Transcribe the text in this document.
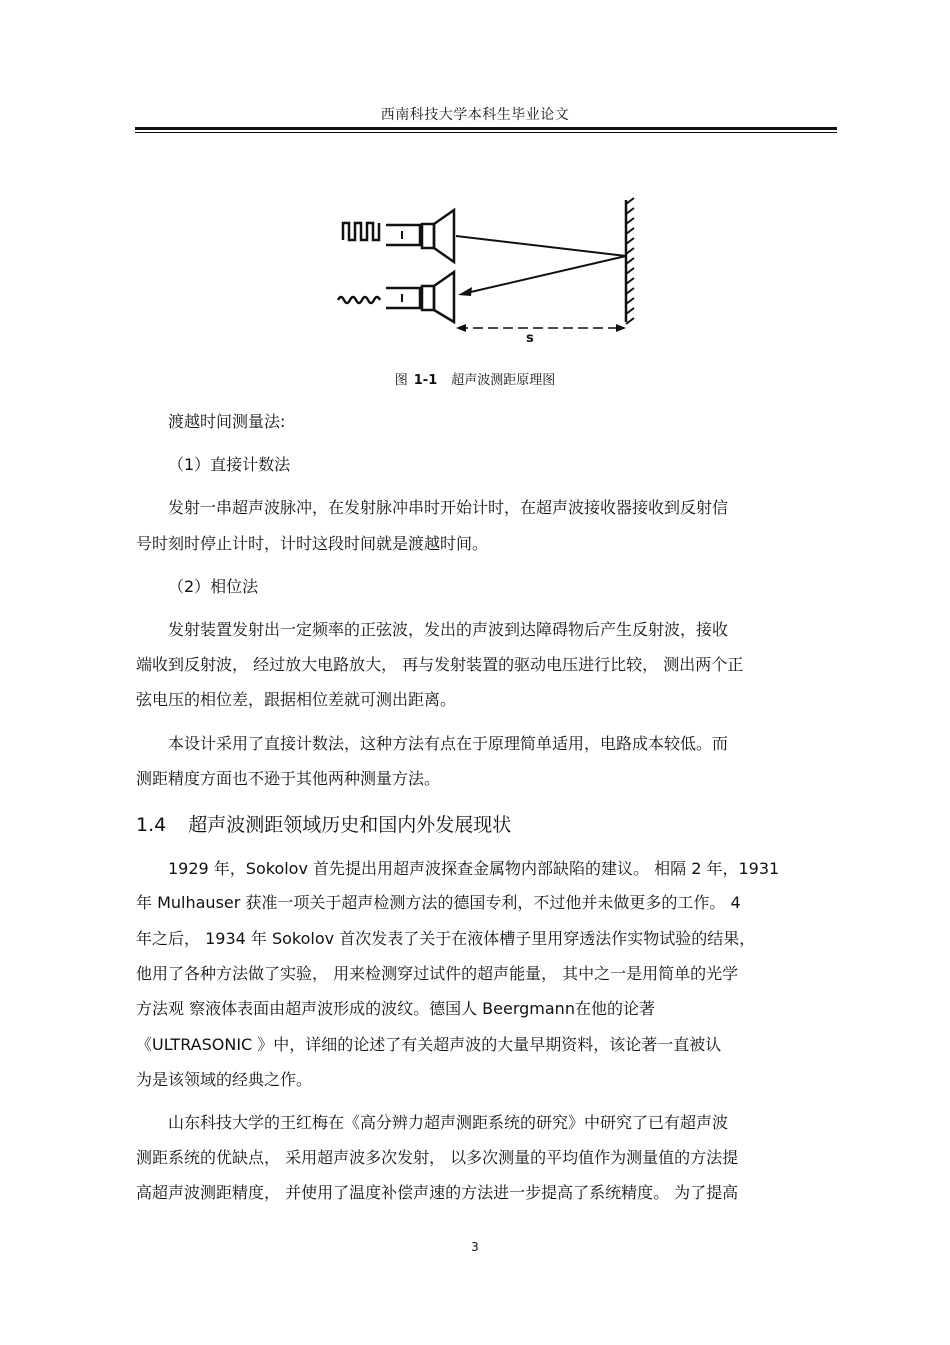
西南科技大学本科生毕业论文
s
图 1-1 超声波测距原理图
渡越时间测量法:
（1）直接计数法
发射一串超声波脉冲，在发射脉冲串时开始计时，在超声波接收器接收到反射信
号时刻时停止计时，计时这段时间就是渡越时间。
（2）相位法
发射装置发射出一定频率的正弦波，发出的声波到达障碍物后产生反射波，接收
端收到反射波， 经过放大电路放大， 再与发射装置的驱动电压进行比较， 测出两个正
弦电压的相位差，跟据相位差就可测出距离。
本设计采用了直接计数法，这种方法有点在于原理简单适用，电路成本较低。而
测距精度方面也不逊于其他两种测量方法。
1.4 超声波测距领域历史和国内外发展现状
1929 年，Sokolov 首先提出用超声波探查金属物内部缺陷的建议。 相隔 2 年，1931
年 Mulhauser 获准一项关于超声检测方法的德国专利，不过他并未做更多的工作。 4
年之后， 1934 年 Sokolov 首次发表了关于在液体槽子里用穿透法作实物试验的结果，
他用了各种方法做了实验， 用来检测穿过试件的超声能量， 其中之一是用简单的光学
方法观 察液体表面由超声波形成的波纹。德国人 Beergmann在他的论著
《ULTRASONIC 》中，详细的论述了有关超声波的大量早期资料，该论著一直被认
为是该领域的经典之作。
山东科技大学的王红梅在《高分辨力超声测距系统的研究》中研究了已有超声波
测距系统的优缺点， 采用超声波多次发射， 以多次测量的平均值作为测量值的方法提
高超声波测距精度， 并使用了温度补偿声速的方法进一步提高了系统精度。 为了提高
3
